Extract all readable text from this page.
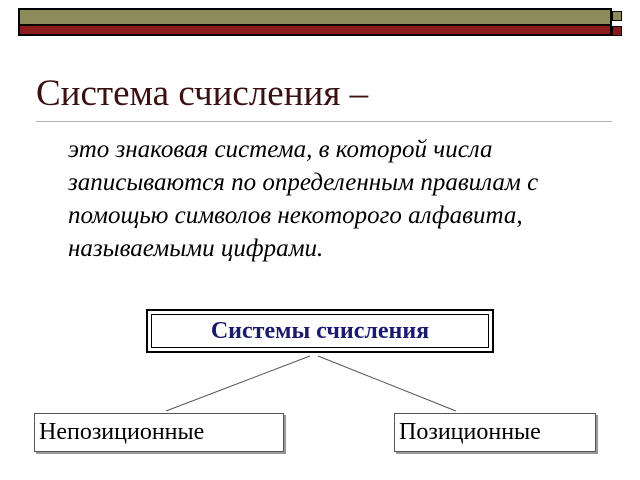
Система счисления –
это знаковая система, в которой числа записываются по определенным правилам с помощью символов некоторого алфавита, называемыми цифрами.
Системы счисления
Непозиционные	Позиционные
